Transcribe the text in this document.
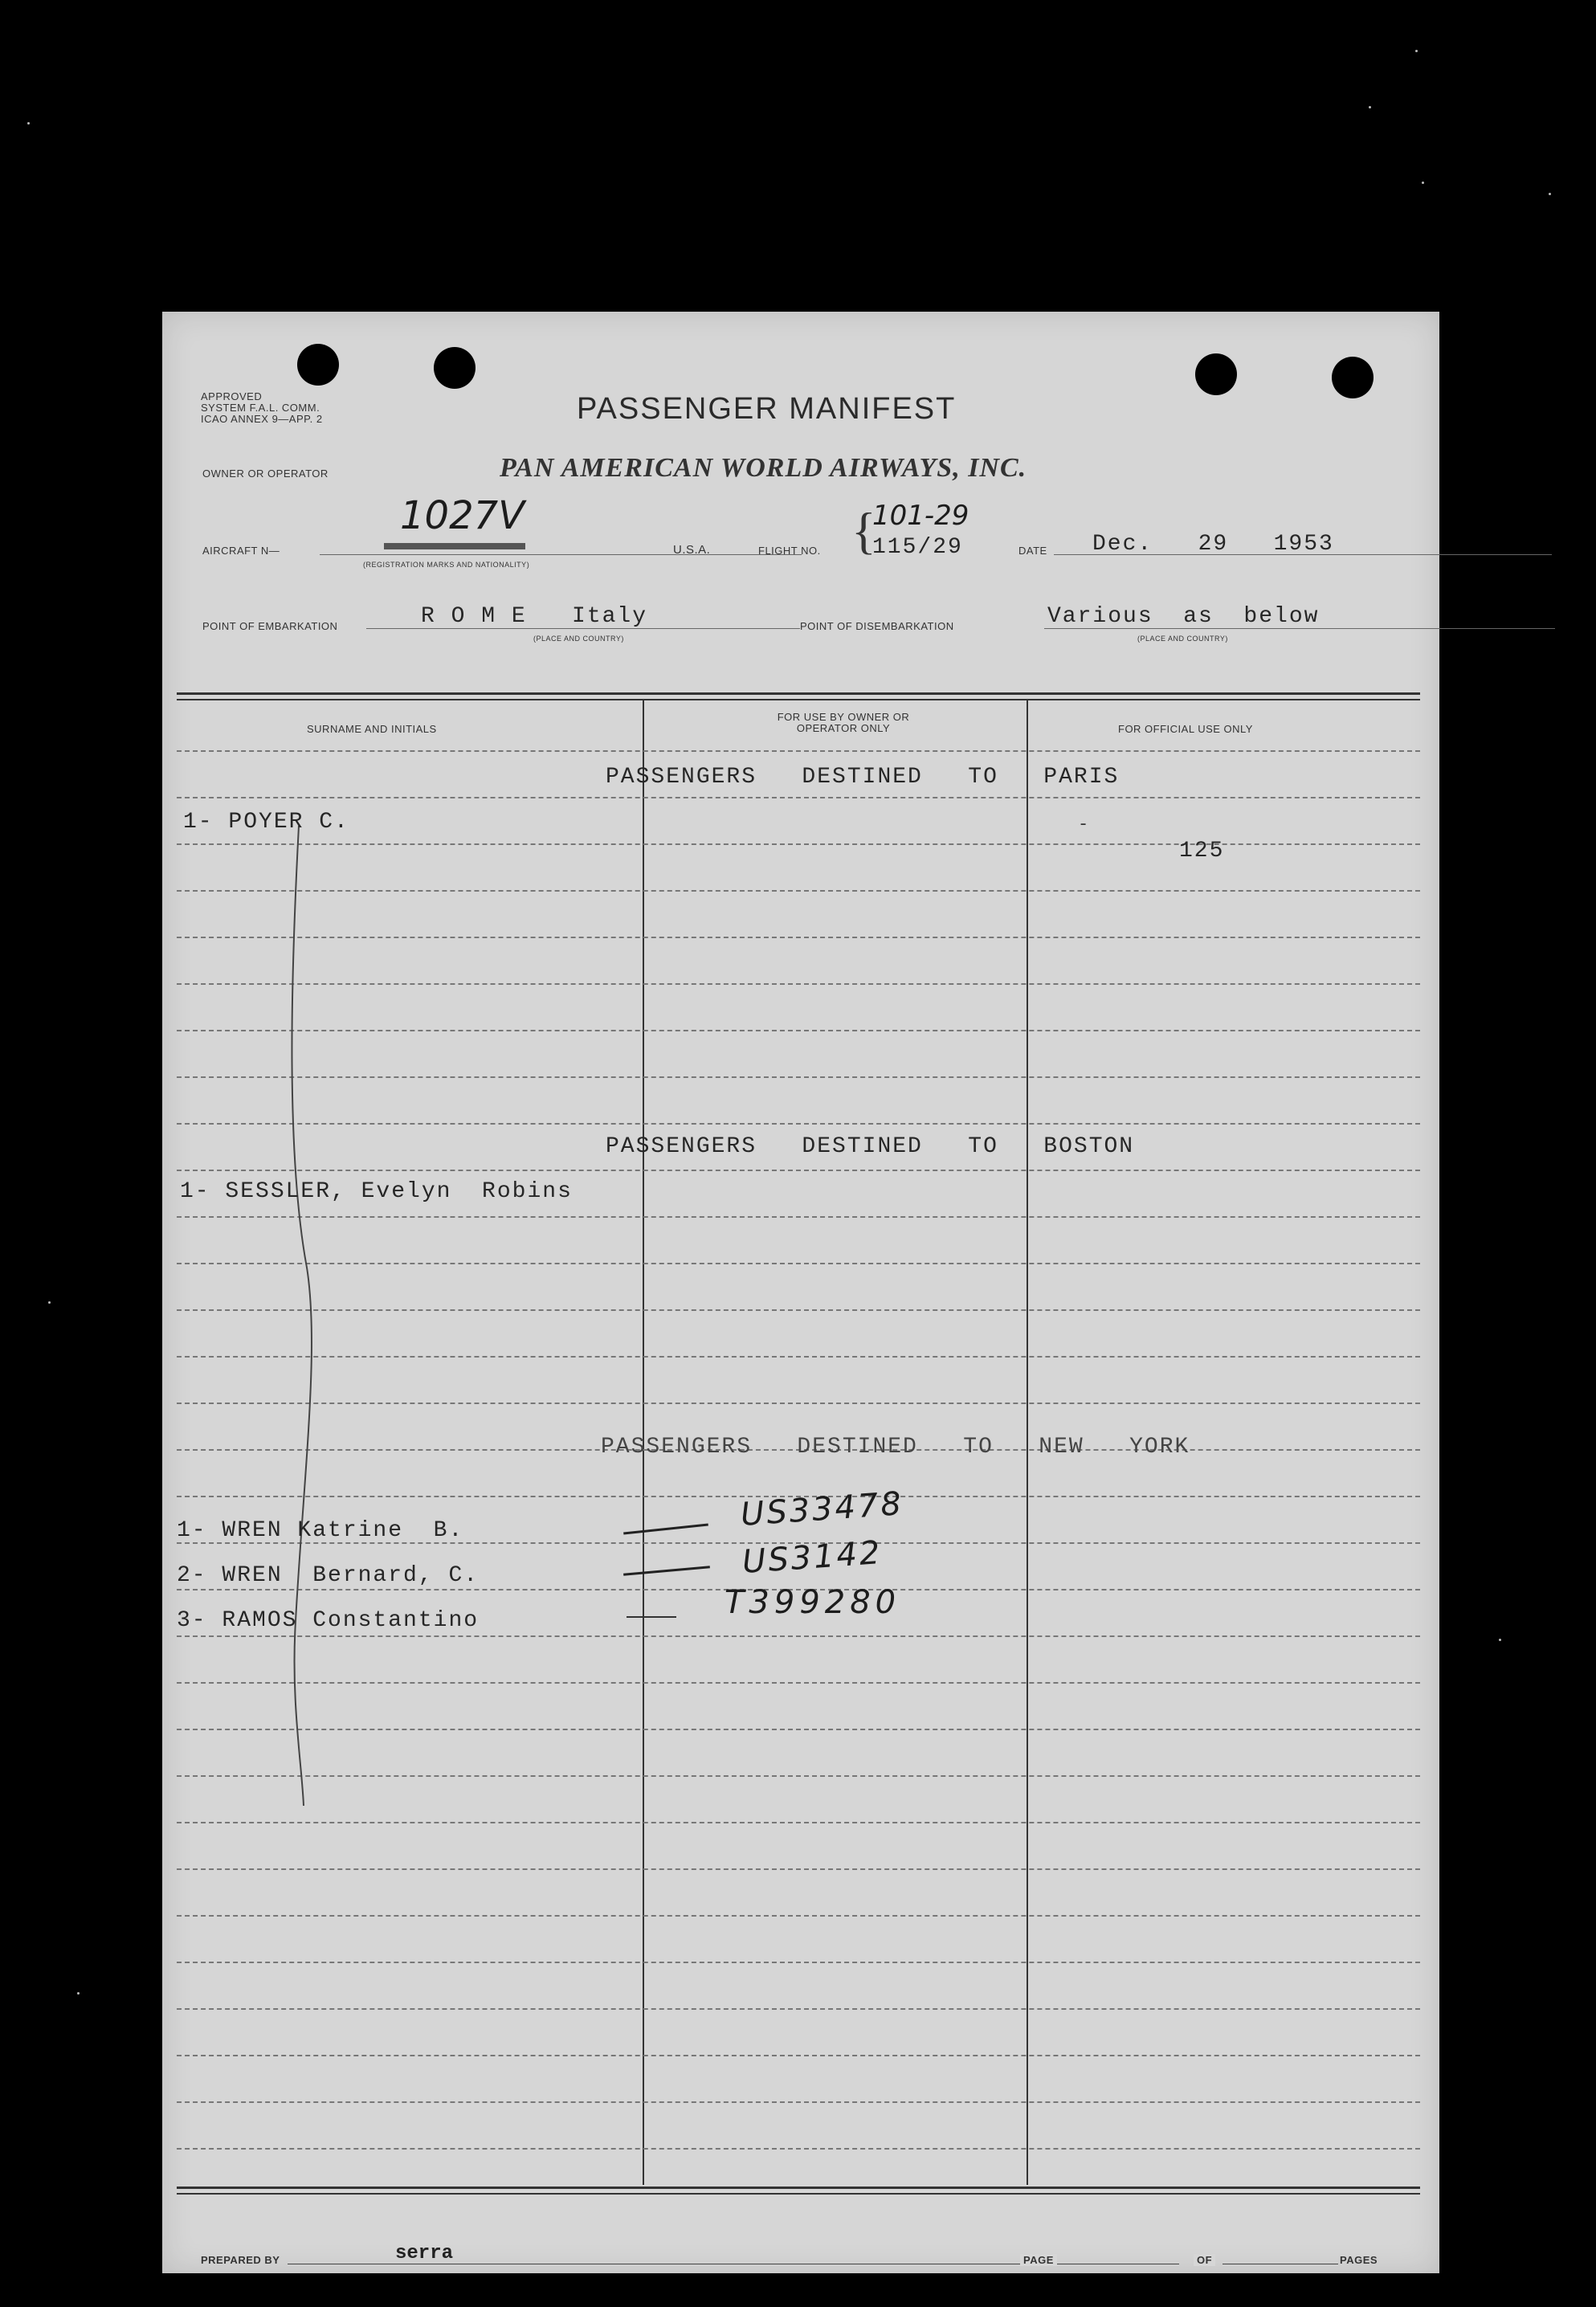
APPROVED
SYSTEM F.A.L. COMM.
ICAO ANNEX 9—APP. 2	PASSENGER MANIFEST
OWNER OR OPERATOR	PAN AMERICAN WORLD AIRWAYS, INC.
AIRCRAFT N—
1027V
▬▬▬▬▬▬▬▬
(REGISTRATION MARKS AND NATIONALITY)
U.S.A.	FLIGHT NO. {
101-29
115/29	DATE Dec.   29   1953
POINT OF EMBARKATION	R O M E   Italy
(PLACE AND COUNTRY)
POINT OF DISEMBARKATION	Various  as  below
(PLACE AND COUNTRY)
SURNAME AND INITIALS
FOR USE BY OWNER OR OPERATOR ONLY	FOR OFFICIAL USE ONLY
PASSENGERS   DESTINED   TO   PARIS
1- POYER C.
125
-
PASSENGERS   DESTINED   TO   BOSTON
1- SESSLER, Evelyn  Robins
PASSENGERS   DESTINED   TO   NEW   YORK
1- WREN Katrine  B.	US33478
2- WREN  Bernard, C.	US3142
3- RAMOS Constantino	T399280
PREPARED BY	serra	PAGE	OF	PAGES
